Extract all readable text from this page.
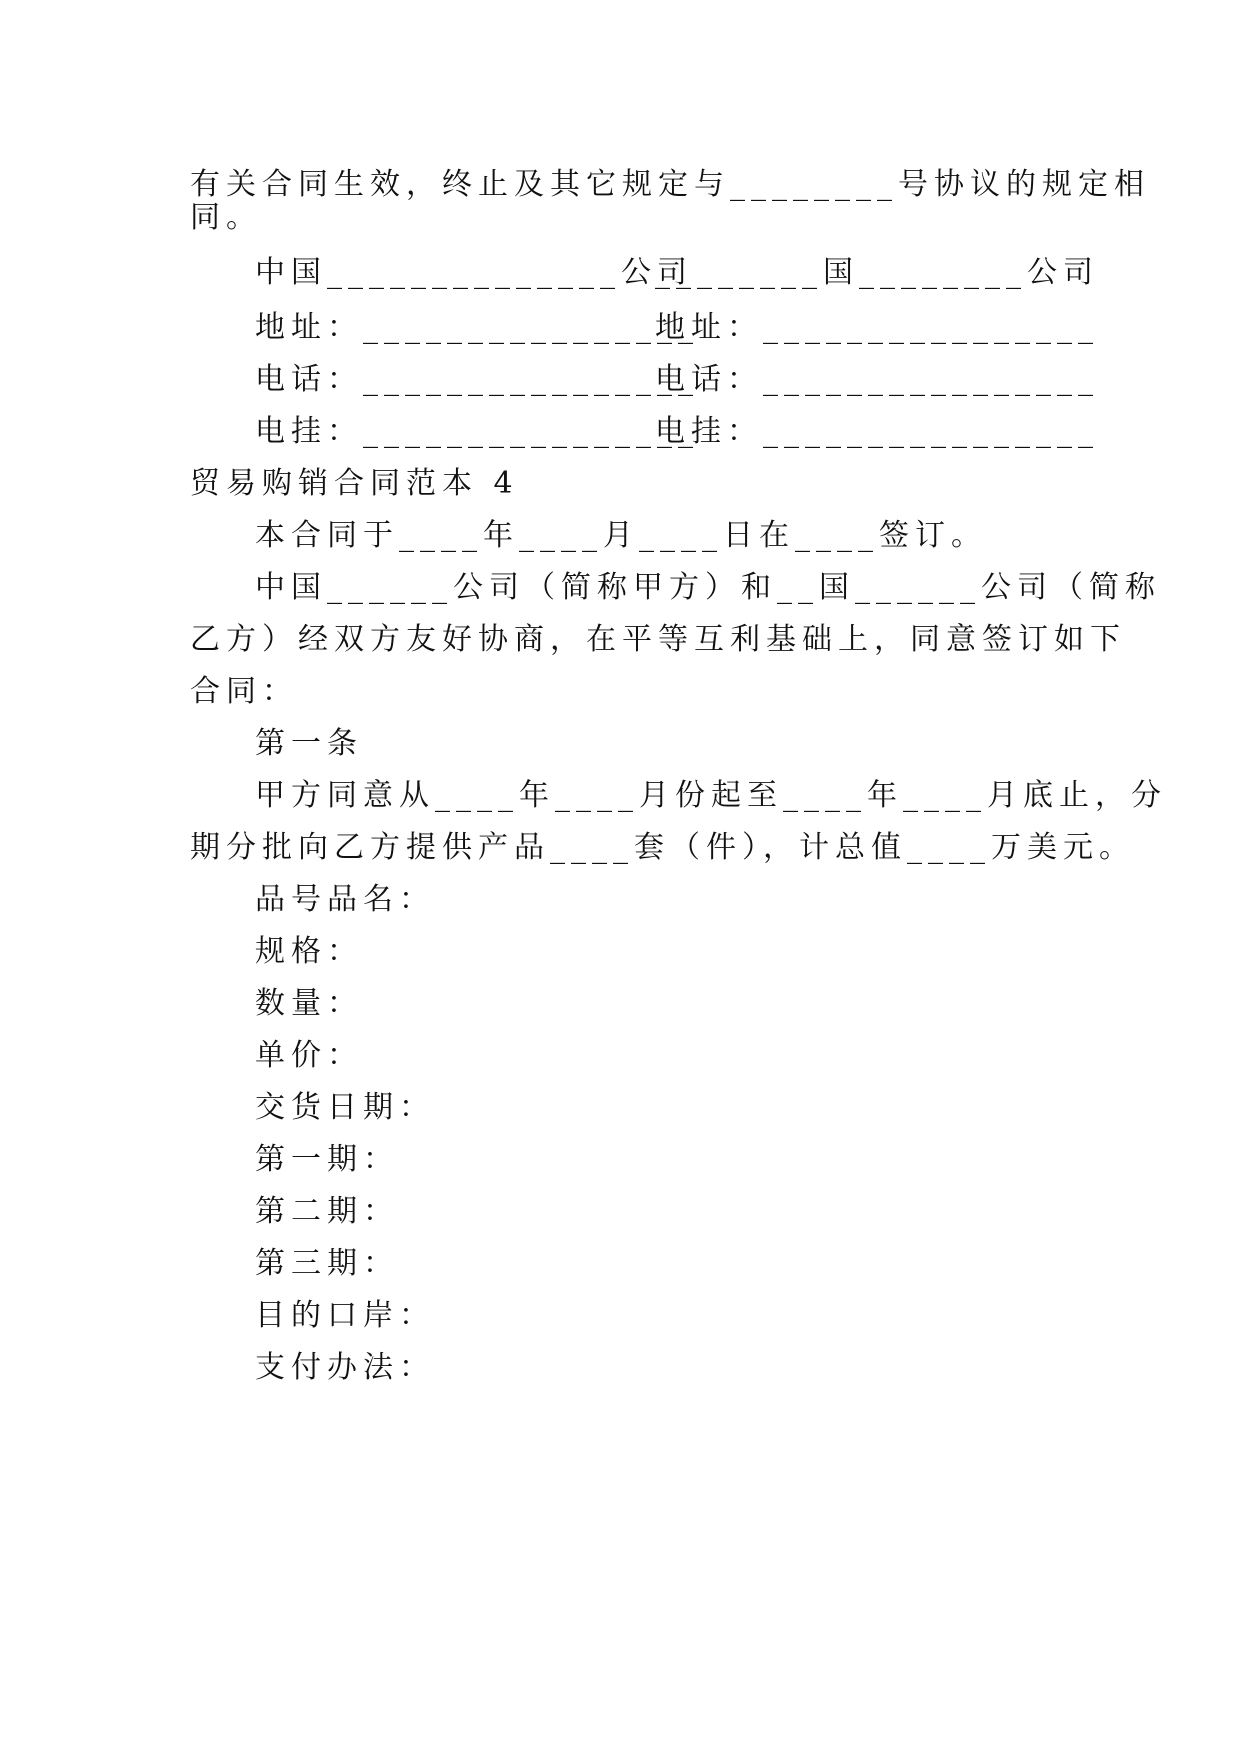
有关合同生效，终止及其它规定与________号协议的规定相
同。
中国______________公司
________国________公司
地址：________________
地址：________________
电话：________________
电话：________________
电挂：________________
电挂：________________
贸易购销合同范本 4
本合同于____年____月____日在____签订。
中国______公司（简称甲方）和__国______公司（简称
乙方）经双方友好协商，在平等互利基础上，同意签订如下
合同：
第一条
甲方同意从____年____月份起至____年____月底止，分
期分批向乙方提供产品____套（件），计总值____万美元。
品号品名：
规格：
数量：
单价：
交货日期：
第一期：
第二期：
第三期：
目的口岸：
支付办法：
